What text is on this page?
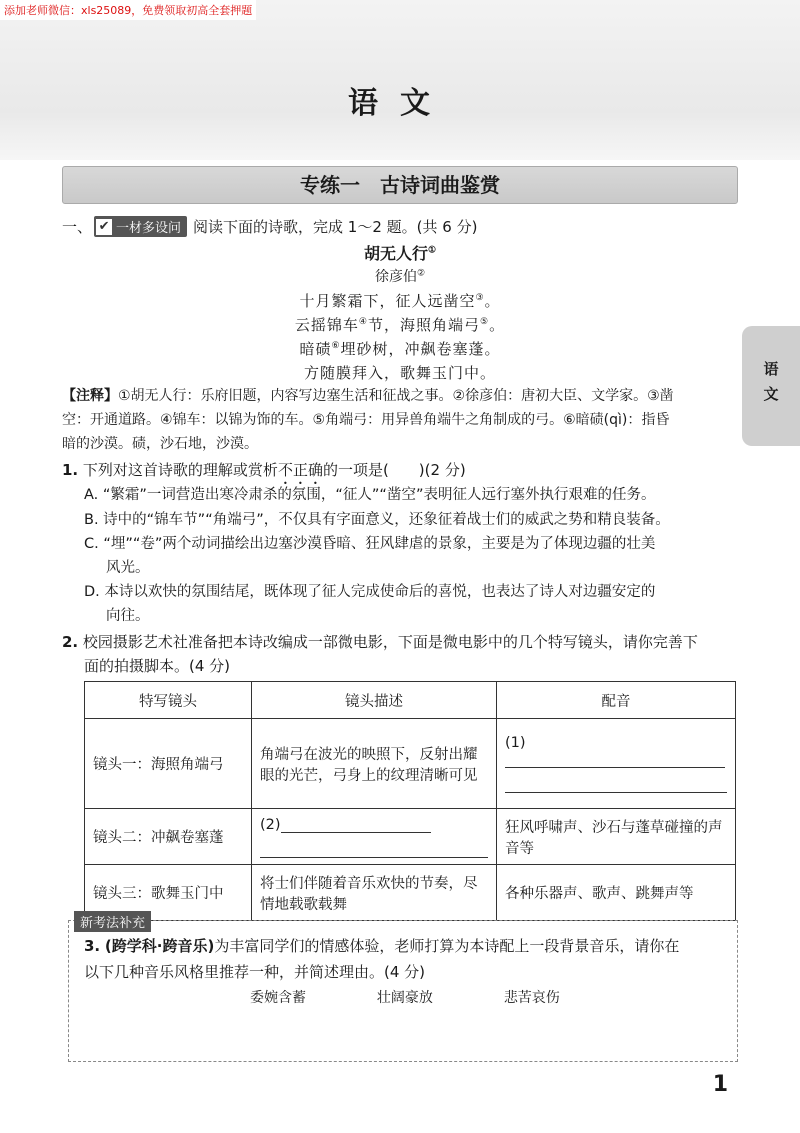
添加老师微信：xls25089，免费领取初高全套押题
语文
专练一　古诗词曲鉴赏
语文
一、 ✔ 一材多设问 阅读下面的诗歌，完成 1～2 题。(共 6 分)
胡无人行①
徐彦伯②
十月繁霜下，征人远凿空③。
云摇锦车④节，海照角端弓⑤。
暗碛⑥埋砂树，冲飙卷塞蓬。
方随膜拜入，歌舞玉门中。
【注释】①胡无人行：乐府旧题，内容写边塞生活和征战之事。②徐彦伯：唐初大臣、文学家。③凿
空：开通道路。④锦车：以锦为饰的车。⑤角端弓：用异兽角端牛之角制成的弓。⑥暗碛(qì)：指昏
暗的沙漠。碛，沙石地，沙漠。
1. 下列对这首诗歌的理解或赏析不正确的一项是(　　)(2 分)
A. “繁霜”一词营造出寒冷肃杀的氛围，“征人”“凿空”表明征人远行塞外执行艰难的任务。
B. 诗中的“锦车节”“角端弓”，不仅具有字面意义，还象征着战士们的威武之势和精良装备。
C. “埋”“卷”两个动词描绘出边塞沙漠昏暗、狂风肆虐的景象，主要是为了体现边疆的壮美
风光。
D. 本诗以欢快的氛围结尾，既体现了征人完成使命后的喜悦，也表达了诗人对边疆安定的
向往。
2. 校园摄影艺术社准备把本诗改编成一部微电影，下面是微电影中的几个特写镜头，请你完善下
面的拍摄脚本。(4 分)
特写镜头	镜头描述	配音
镜头一：海照角端弓	角端弓在波光的映照下，反射出耀眼的光芒，弓身上的纹理清晰可见	(1)

镜头二：冲飙卷塞蓬	(2)	狂风呼啸声、沙石与蓬草碰撞的声音等
镜头三：歌舞玉门中	将士们伴随着音乐欢快的节奏，尽情地载歌载舞	各种乐器声、歌声、跳舞声等
新考法补充
3. (跨学科·跨音乐)为丰富同学们的情感体验，老师打算为本诗配上一段背景音乐，请你在
以下几种音乐风格里推荐一种，并简述理由。(4 分)
委婉含蓄	壮阔豪放	悲苦哀伤
1
